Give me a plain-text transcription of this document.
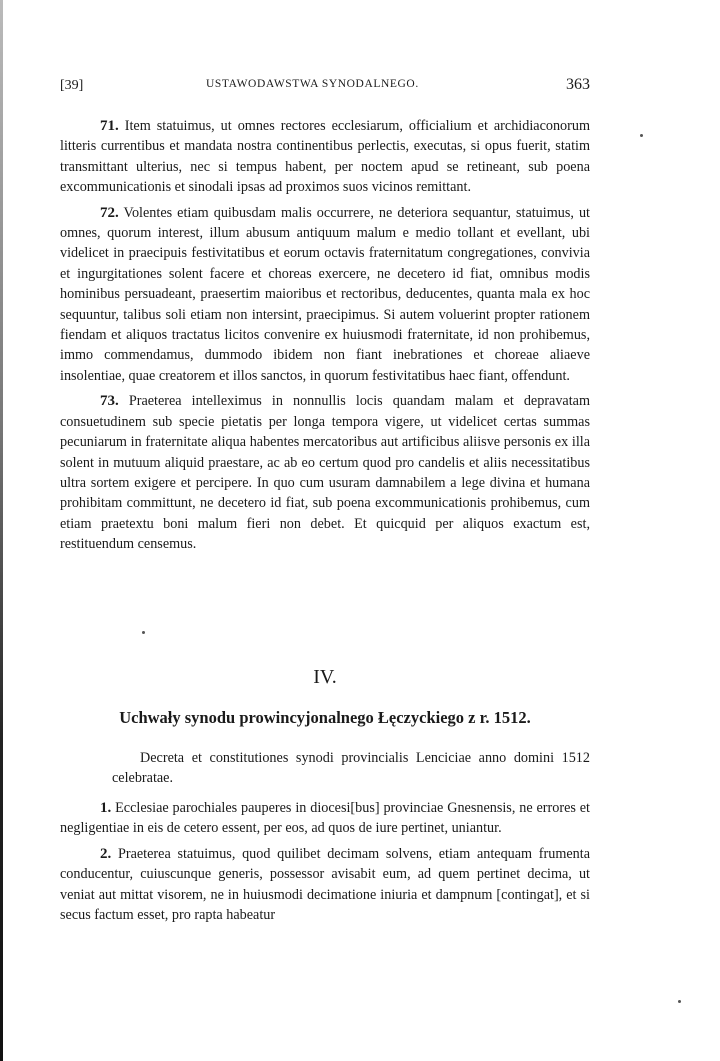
[39]	USTAWODAWSTWA SYNODALNEGO.	363

71. Item statuimus, ut omnes rectores ecclesiarum, officialium et archidiaconorum litteris currentibus et mandata nostra continentibus perlectis, executas, si opus fuerit, statim transmittant ulterius, nec si tempus habent, per noctem apud se retineant, sub poena excommunicationis et sinodali ipsas ad proximos suos vicinos remittant.

72. Volentes etiam quibusdam malis occurrere, ne deteriora sequantur, statuimus, ut omnes, quorum interest, illum abusum antiquum malum e medio tollant et evellant, ubi videlicet in praecipuis festivitatibus et eorum octavis fraternitatum congregationes, convivia et ingurgitationes solent facere et choreas exercere, ne decetero id fiat, omnibus modis hominibus persuadeant, praesertim maioribus et rectoribus, deducentes, quanta mala ex hoc sequuntur, talibus soli etiam non intersint, praecipimus. Si autem voluerint propter rationem fiendam et aliquos tractatus licitos convenire ex huiusmodi fraternitate, id non prohibemus, immo commendamus, dummodo ibidem non fiant inebrationes et choreae aliaeve insolentiae, quae creatorem et illos sanctos, in quorum festivitatibus haec fiant, offendunt.

73. Praeterea intelleximus in nonnullis locis quandam malam et depravatam consuetudinem sub specie pietatis per longa tempora vigere, ut videlicet certas summas pecuniarum in fraternitate aliqua habentes mercatoribus aut artificibus aliisve personis ex illa solent in mutuum aliquid praestare, ac ab eo certum quod pro candelis et aliis necessitatibus ultra sortem exigere et percipere. In quo cum usuram damnabilem a lege divina et humana prohibitam committunt, ne decetero id fiat, sub poena excommunicationis prohibemus, cum etiam praetextu boni malum fieri non debet. Et quicquid per aliquos exactum est, restituendum censemus.

IV.
Uchwały synodu prowincyjonalnego Łęczyckiego z r. 1512.

Decreta et constitutiones synodi provincialis Lenciciae anno domini 1512 celebratae.

1. Ecclesiae parochiales pauperes in diocesi[bus] provinciae Gnesnensis, ne errores et negligentiae in eis de cetero essent, per eos, ad quos de iure pertinet, uniantur.

2. Praeterea statuimus, quod quilibet decimam solvens, etiam antequam frumenta conducentur, cuiuscunque generis, possessor avisabit eum, ad quem pertinet decima, ut veniat aut mittat visorem, ne in huiusmodi decimatione iniuria et dampnum [contingat], et si secus factum esset, pro rapta habeatur
